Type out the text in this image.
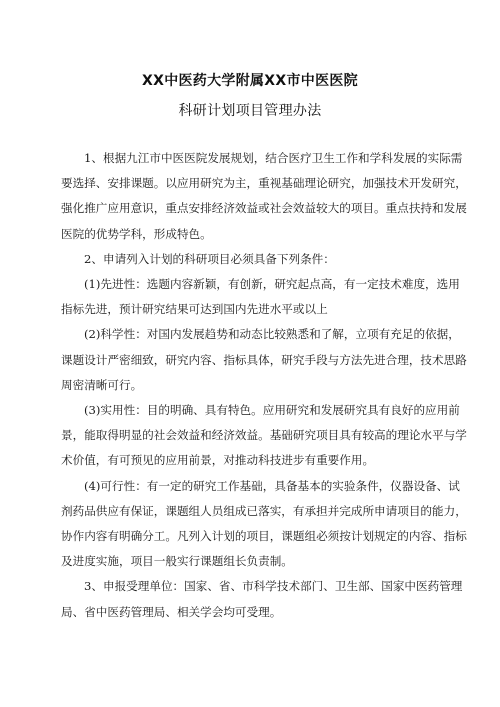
XX中医药大学附属XX市中医医院
科研计划项目管理办法
1、根据九江市中医医院发展规划，结合医疗卫生工作和学科发展的实际需
要选择、安排课题。以应用研究为主，重视基础理论研究，加强技术开发研究，
强化推广应用意识，重点安排经济效益或社会效益较大的项目。重点扶持和发展
医院的优势学科，形成特色。
2、申请列入计划的科研项目必须具备下列条件：
(1)先进性：选题内容新颖，有创新，研究起点高，有一定技术难度，选用
指标先进，预计研究结果可达到国内先进水平或以上
(2)科学性：对国内发展趋势和动态比较熟悉和了解，立项有充足的依据，
课题设计严密细致，研究内容、指标具体，研究手段与方法先进合理，技术思路
周密清晰可行。
(3)实用性：目的明确、具有特色。应用研究和发展研究具有良好的应用前
景，能取得明显的社会效益和经济效益。基础研究项目具有较高的理论水平与学
术价值，有可预见的应用前景，对推动科技进步有重要作用。
(4)可行性：有一定的研究工作基础，具备基本的实验条件，仪器设备、试
剂药品供应有保证，课题组人员组成已落实，有承担并完成所申请项目的能力，
协作内容有明确分工。凡列入计划的项目，课题组必须按计划规定的内容、指标
及进度实施，项目一般实行课题组长负责制。
3、申报受理单位：国家、省、市科学技术部门、卫生部、国家中医药管理
局、省中医药管理局、相关学会均可受理。
